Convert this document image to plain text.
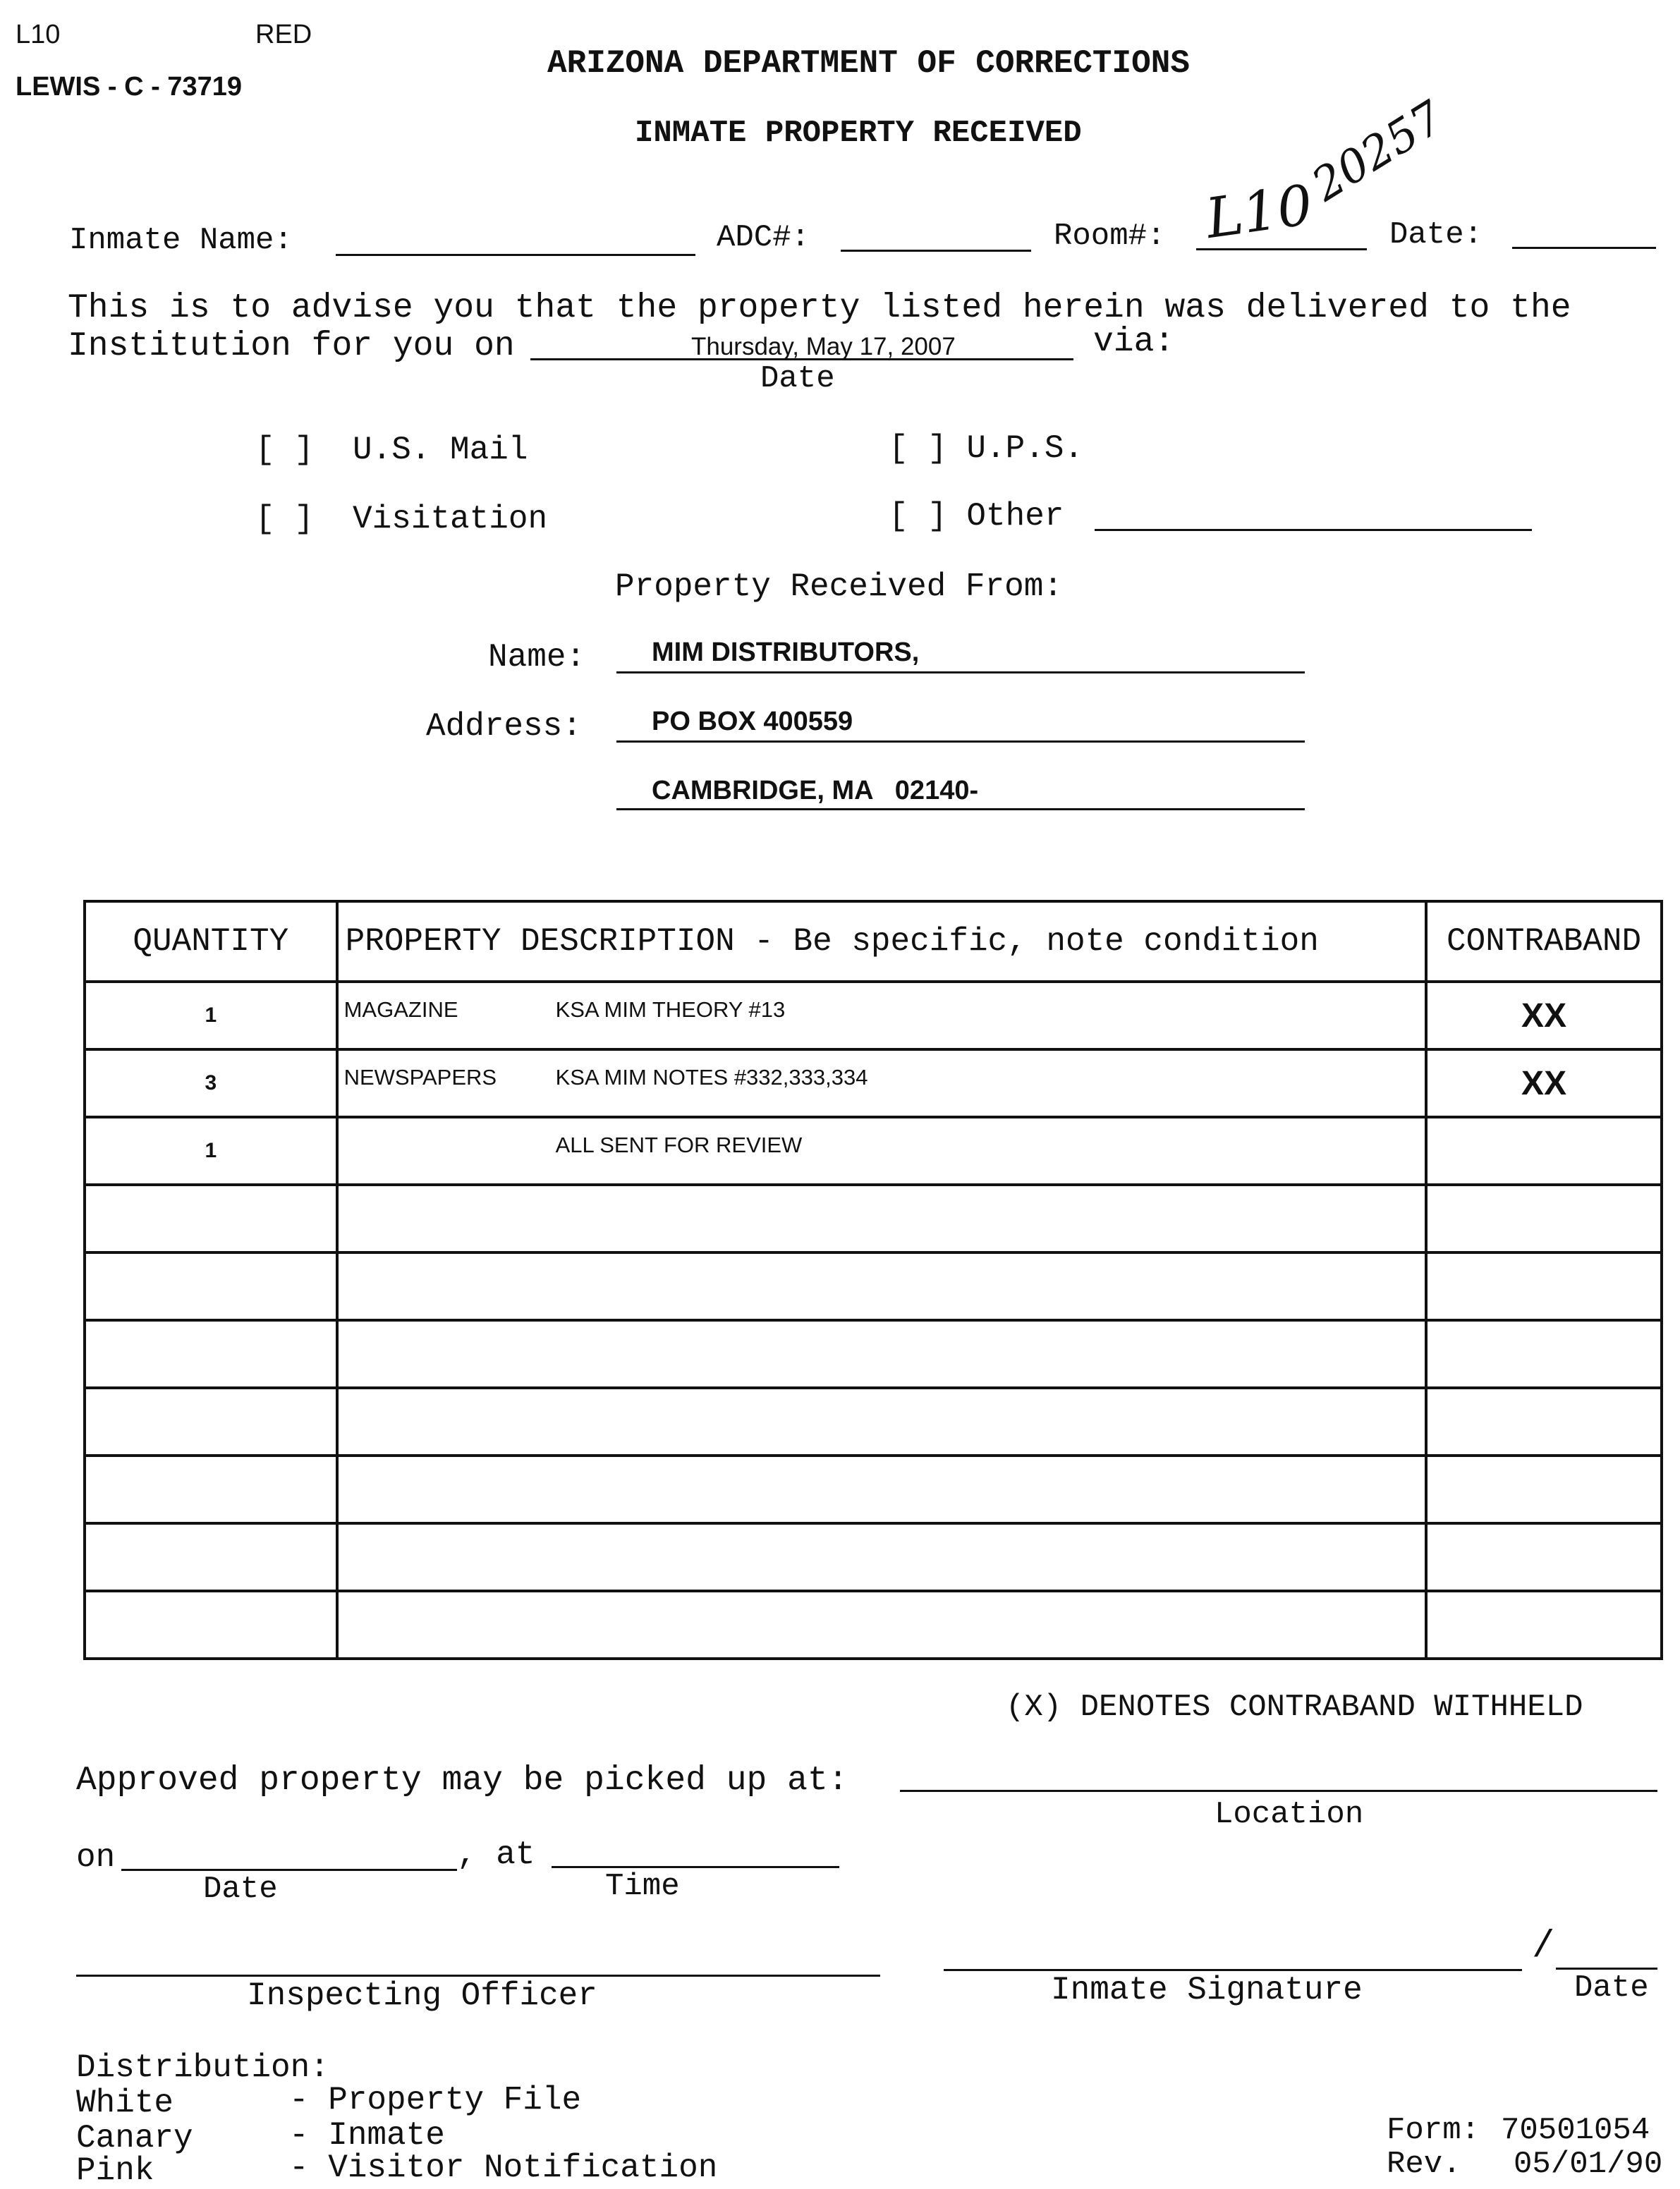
L10	RED
LEWIS - C - 73719
ARIZONA DEPARTMENT OF CORRECTIONS
INMATE PROPERTY RECEIVED
Inmate Name:	ADC#:	Room#: L10
20257
Date:
This is to advise you that the property listed herein was delivered to the
Institution for you on	Thursday, May 17, 2007	via:
Date
[ ]  U.S. Mail	[ ] U.P.S.
[ ]  Visitation	[ ] Other
Property Received From:
Name: MIM DISTRIBUTORS,
Address:	PO BOX 400559
CAMBRIDGE, MA   02140-
QUANTITY	PROPERTY DESCRIPTION - Be specific, note condition	CONTRABAND
1	MAGAZINE KSA MIM THEORY #13	XX
3	NEWSPAPERS KSA MIM NOTES #332,333,334	XX
1	ALL SENT FOR REVIEW	

(X) DENOTES CONTRABAND WITHHELD
Approved property may be picked up at:
Location
on	, at
Date	Time
Inspecting Officer
/
Inmate Signature	Date
Distribution:
White	- Property File
Canary	- Inmate
Pink	- Visitor Notification
Form: 70501054
Rev. 05/01/90
